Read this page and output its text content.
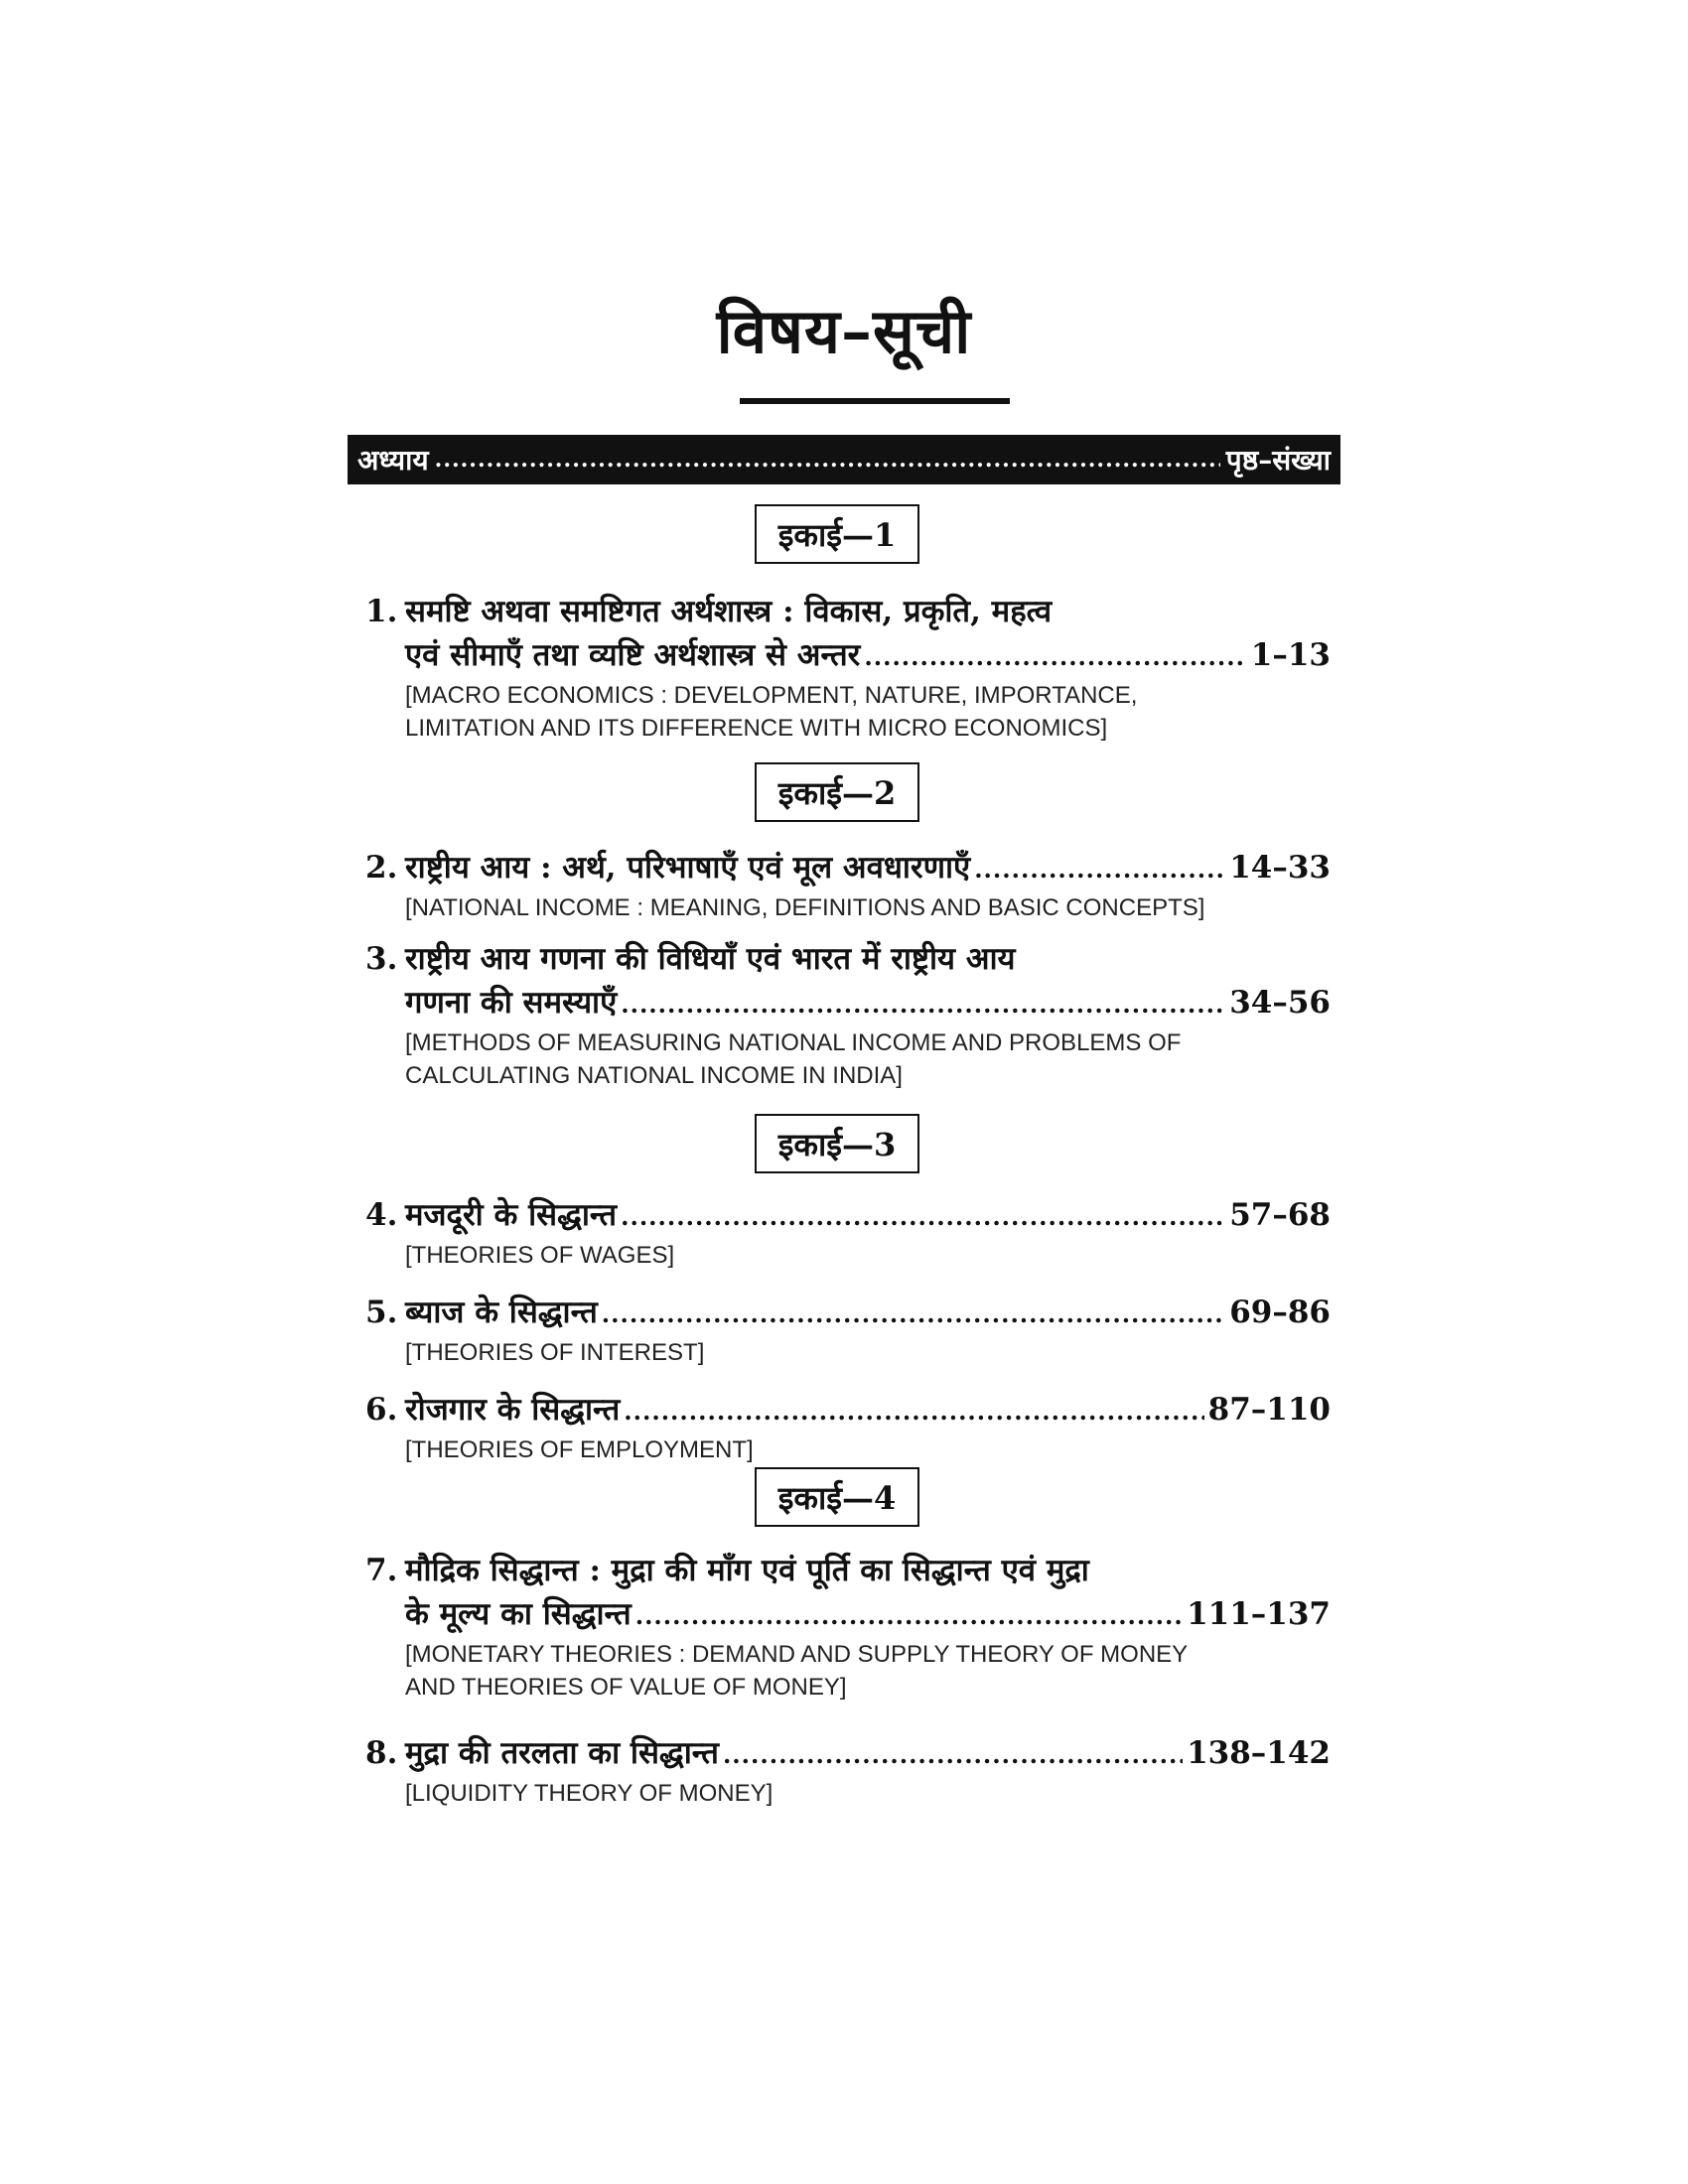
विषय–सूची
अध्याय .....	पृष्ठ–संख्या
इकाई—1
1. समष्टि अथवा समष्टिगत अर्थशास्त्र : विकास, प्रकृति, महत्व
एवं सीमाएँ तथा व्यष्टि अर्थशास्त्र से अन्तर .....	1–13
[MACRO ECONOMICS : DEVELOPMENT, NATURE, IMPORTANCE,
LIMITATION AND ITS DIFFERENCE WITH MICRO ECONOMICS]
इकाई—2
2. राष्ट्रीय आय : अर्थ, परिभाषाएँ एवं मूल अवधारणाएँ .....	14–33
[NATIONAL INCOME : MEANING, DEFINITIONS AND BASIC CONCEPTS]
3. राष्ट्रीय आय गणना की विधियाँ एवं भारत में राष्ट्रीय आय
गणना की समस्याएँ .....	34–56
[METHODS OF MEASURING NATIONAL INCOME AND PROBLEMS OF
CALCULATING NATIONAL INCOME IN INDIA]
इकाई—3
4. मजदूरी के सिद्धान्त .....	57–68
[THEORIES OF WAGES]
5. ब्याज के सिद्धान्त .....	69–86
[THEORIES OF INTEREST]
6. रोजगार के सिद्धान्त .....	87–110
[THEORIES OF EMPLOYMENT]
इकाई—4
7. मौद्रिक सिद्धान्त : मुद्रा की माँग एवं पूर्ति का सिद्धान्त एवं मुद्रा
के मूल्य का सिद्धान्त .....	111–137
[MONETARY THEORIES : DEMAND AND SUPPLY THEORY OF MONEY
AND THEORIES OF VALUE OF MONEY]
8. मुद्रा की तरलता का सिद्धान्त .....	138–142
[LIQUIDITY THEORY OF MONEY]
